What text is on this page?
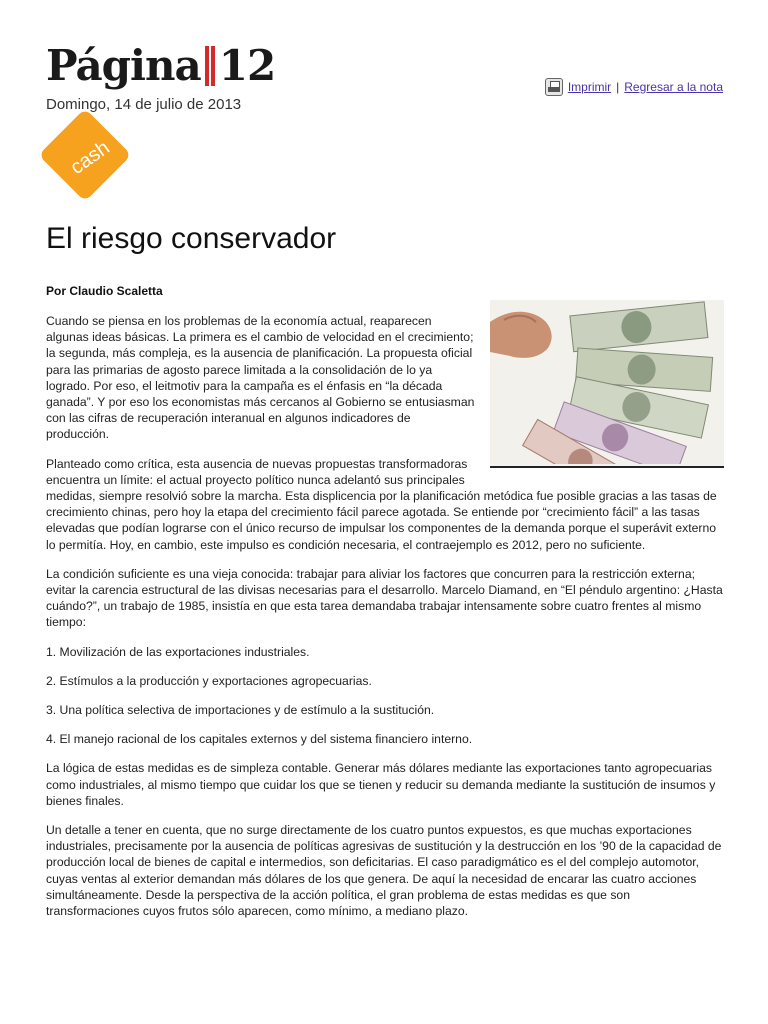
Página 12
Domingo, 14 de julio de 2013
Imprimir | Regresar a la nota
cash
El riesgo conservador
Por Claudio Scaletta

Cuando se piensa en los problemas de la economía actual, reaparecen algunas ideas básicas. La primera es el cambio de velocidad en el crecimiento; la segunda, más compleja, es la ausencia de planificación. La propuesta oficial para las primarias de agosto parece limitada a la consolidación de lo ya logrado. Por eso, el leitmotiv para la campaña es el énfasis en “la década ganada”. Y por eso los economistas más cercanos al Gobierno se entusiasman con las cifras de recuperación interanual en algunos indicadores de producción.

Planteado como crítica, esta ausencia de nuevas propuestas transformadoras encuentra un límite: el actual proyecto político nunca adelantó sus principales medidas, siempre resolvió sobre la marcha. Esta displicencia por la planificación metódica fue posible gracias a las tasas de crecimiento chinas, pero hoy la etapa del crecimiento fácil parece agotada. Se entiende por “crecimiento fácil” a las tasas elevadas que podían lograrse con el único recurso de impulsar los componentes de la demanda porque el superávit externo lo permitía. Hoy, en cambio, este impulso es condición necesaria, el contraejemplo es 2012, pero no suficiente.

La condición suficiente es una vieja conocida: trabajar para aliviar los factores que concurren para la restricción externa; evitar la carencia estructural de las divisas necesarias para el desarrollo. Marcelo Diamand, en “El péndulo argentino: ¿Hasta cuándo?”, un trabajo de 1985, insistía en que esta tarea demandaba trabajar intensamente sobre cuatro frentes al mismo tiempo:

1. Movilización de las exportaciones industriales.

2. Estímulos a la producción y exportaciones agropecuarias.

3. Una política selectiva de importaciones y de estímulo a la sustitución.

4. El manejo racional de los capitales externos y del sistema financiero interno.

La lógica de estas medidas es de simpleza contable. Generar más dólares mediante las exportaciones tanto agropecuarias como industriales, al mismo tiempo que cuidar los que se tienen y reducir su demanda mediante la sustitución de insumos y bienes finales.

Un detalle a tener en cuenta, que no surge directamente de los cuatro puntos expuestos, es que muchas exportaciones industriales, precisamente por la ausencia de políticas agresivas de sustitución y la destrucción en los ’90 de la capacidad de producción local de bienes de capital e intermedios, son deficitarias. El caso paradigmático es el del complejo automotor, cuyas ventas al exterior demandan más dólares de los que genera. De aquí la necesidad de encarar las cuatro acciones simultáneamente. Desde la perspectiva de la acción política, el gran problema de estas medidas es que son transformaciones cuyos frutos sólo aparecen, como mínimo, a mediano plazo.
